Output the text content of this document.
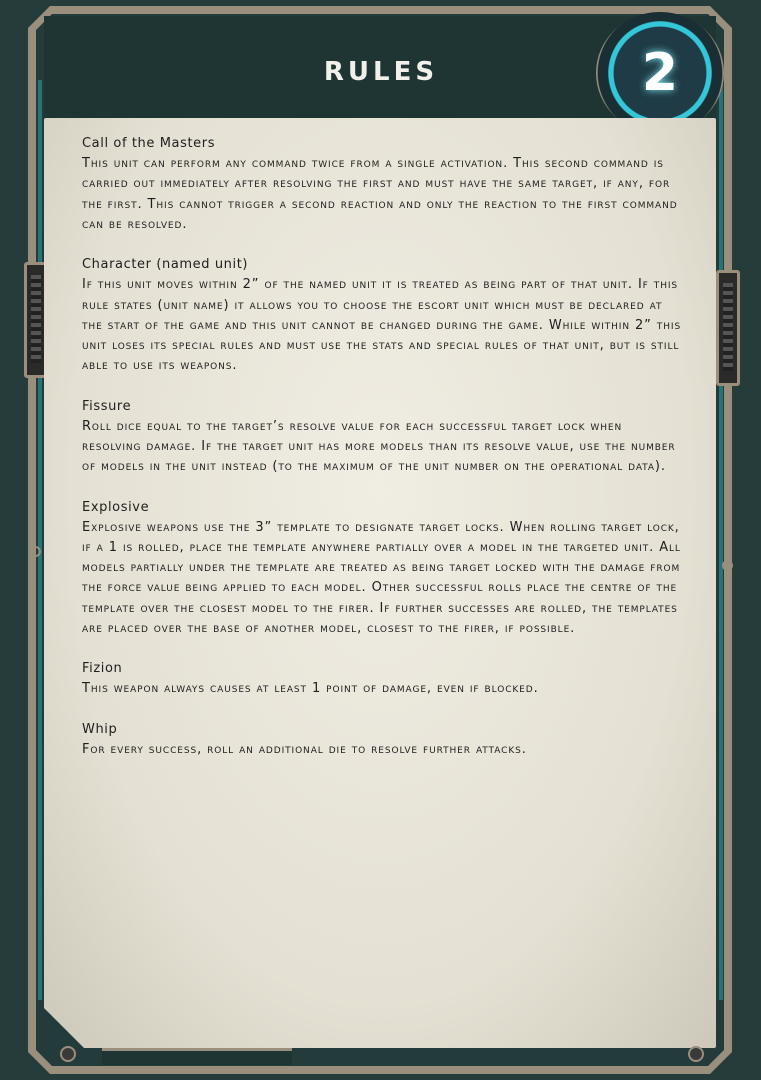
RULES	2
Call of the Masters
This unit can perform any command twice from a single activation. This second command is carried out immediately after resolving the first and must have the same target, if any, for the first. This cannot trigger a second reaction and only the reaction to the first command can be resolved.
Character (named unit)
If this unit moves within 2” of the named unit it is treated as being part of that unit. If this rule states (unit name) it allows you to choose the escort unit which must be declared at the start of the game and this unit cannot be changed during the game. While within 2” this unit loses its special rules and must use the stats and special rules of that unit, but is still able to use its weapons.
Fissure
Roll dice equal to the target’s resolve value for each successful target lock when resolving damage. If the target unit has more models than its resolve value, use the number of models in the unit instead (to the maximum of the unit number on the operational data).
Explosive
Explosive weapons use the 3” template to designate target locks. When rolling target lock, if a 1 is rolled, place the template anywhere partially over a model in the targeted unit. All models partially under the template are treated as being target locked with the damage from the force value being applied to each model. Other successful rolls place the centre of the template over the closest model to the firer. If further successes are rolled, the templates are placed over the base of another model, closest to the firer, if possible.
Fizion
This weapon always causes at least 1 point of damage, even if blocked.
Whip
For every success, roll an additional die to resolve further attacks.
